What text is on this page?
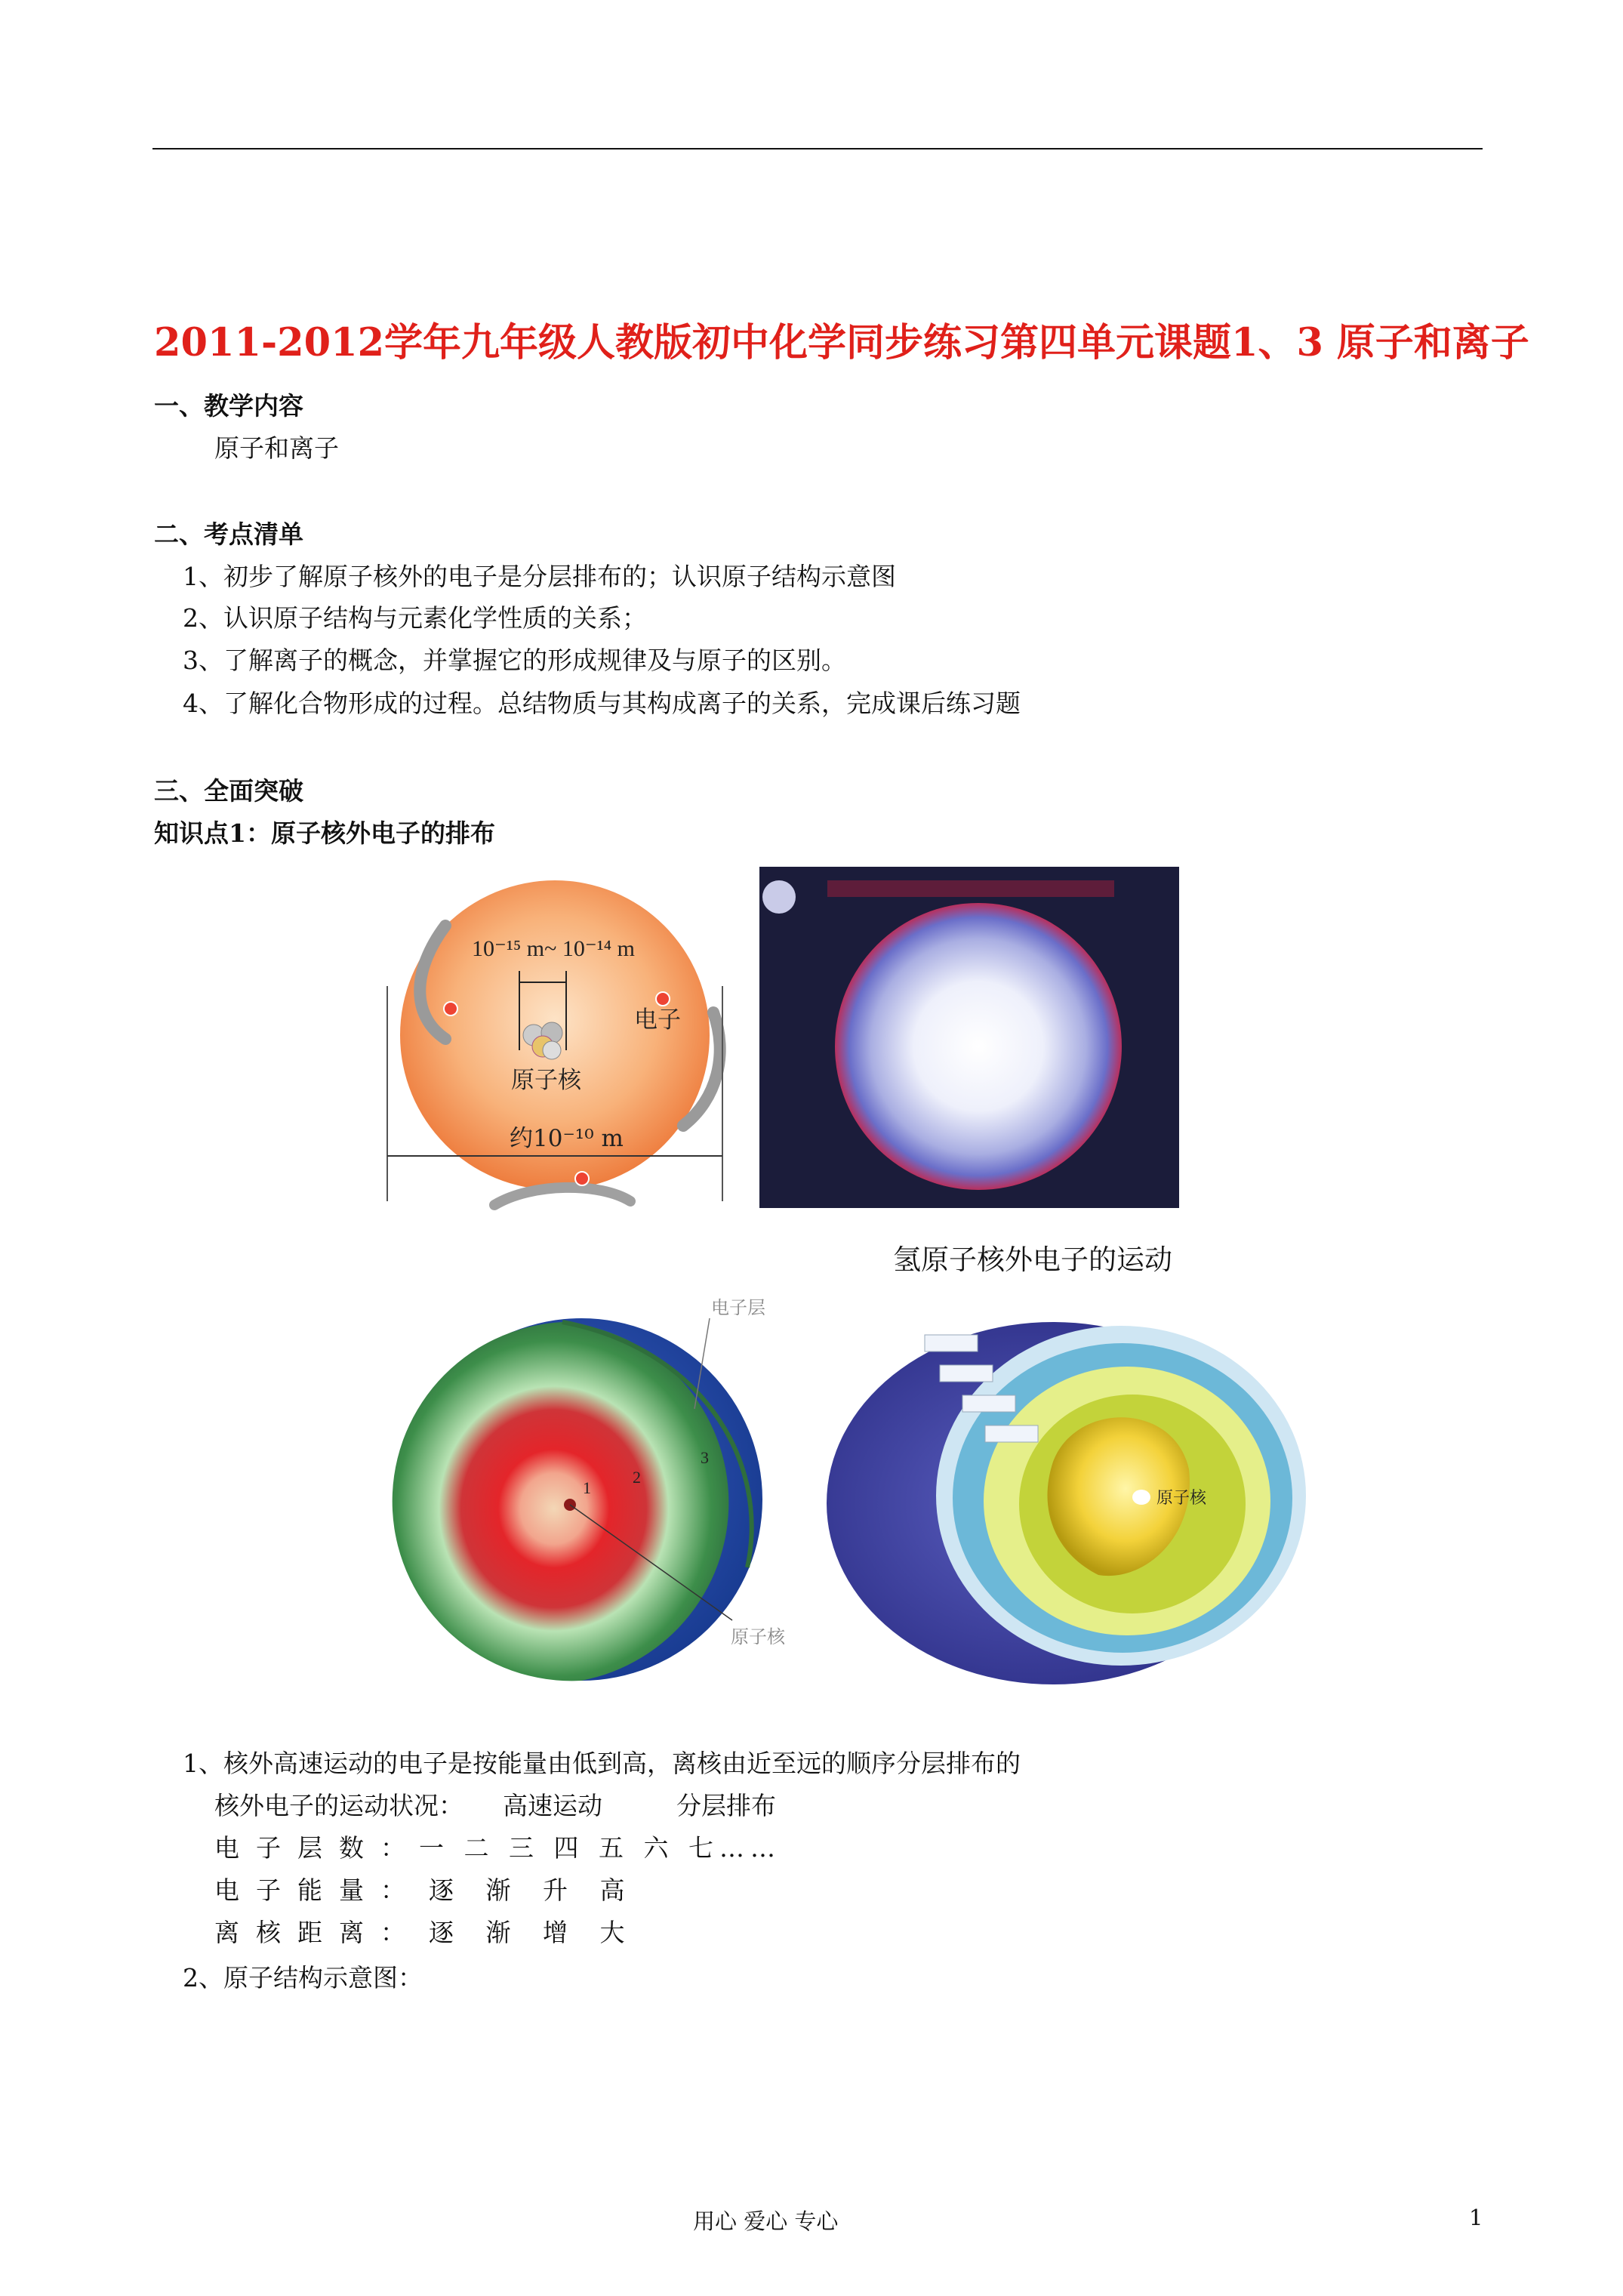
2011-2012学年九年级人教版初中化学同步练习第四单元课题1、3 原子和离子
一、教学内容
原子和离子
二、考点清单
1、初步了解原子核外的电子是分层排布的；认识原子结构示意图
2、认识原子结构与元素化学性质的关系；
3、了解离子的概念，并掌握它的形成规律及与原子的区别。
4、了解化合物形成的过程。总结物质与其构成离子的关系，完成课后练习题
三、全面突破
知识点1：原子核外电子的排布
10⁻¹⁵ m~ 10⁻¹⁴ m
电子
原子核
约10⁻¹⁰ m
氢原子核外电子的运动
1
2
3
电子层
原子核
原子核
1、核外高速运动的电子是按能量由低到高，离核由近至远的顺序分层排布的
核外电子的运动状况： 高速运动	分层排布
电子层数：
一 二 三 四 五 六 七……
电子能量： 逐 渐 升 高
离核距离： 逐 渐 增 大
2、原子结构示意图：
用心 爱心 专心	1
